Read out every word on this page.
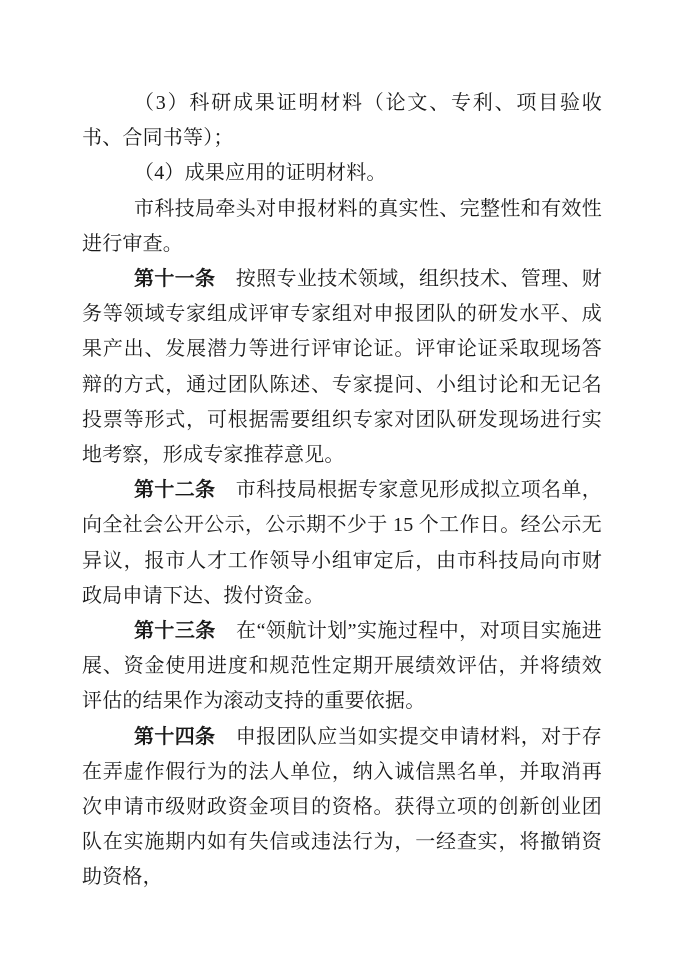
（3）科研成果证明材料（论文、专利、项目验收书、合同书等）；

（4）成果应用的证明材料。

市科技局牵头对申报材料的真实性、完整性和有效性进行审查。

第十一条　按照专业技术领域，组织技术、管理、财务等领域专家组成评审专家组对申报团队的研发水平、成果产出、发展潜力等进行评审论证。评审论证采取现场答辩的方式，通过团队陈述、专家提问、小组讨论和无记名投票等形式，可根据需要组织专家对团队研发现场进行实地考察，形成专家推荐意见。

第十二条　市科技局根据专家意见形成拟立项名单，向全社会公开公示，公示期不少于 15 个工作日。经公示无异议，报市人才工作领导小组审定后，由市科技局向市财政局申请下达、拨付资金。

第十三条　在“领航计划”实施过程中，对项目实施进展、资金使用进度和规范性定期开展绩效评估，并将绩效评估的结果作为滚动支持的重要依据。

第十四条　申报团队应当如实提交申请材料，对于存在弄虚作假行为的法人单位，纳入诚信黑名单，并取消再次申请市级财政资金项目的资格。获得立项的创新创业团队在实施期内如有失信或违法行为，一经查实，将撤销资助资格，
